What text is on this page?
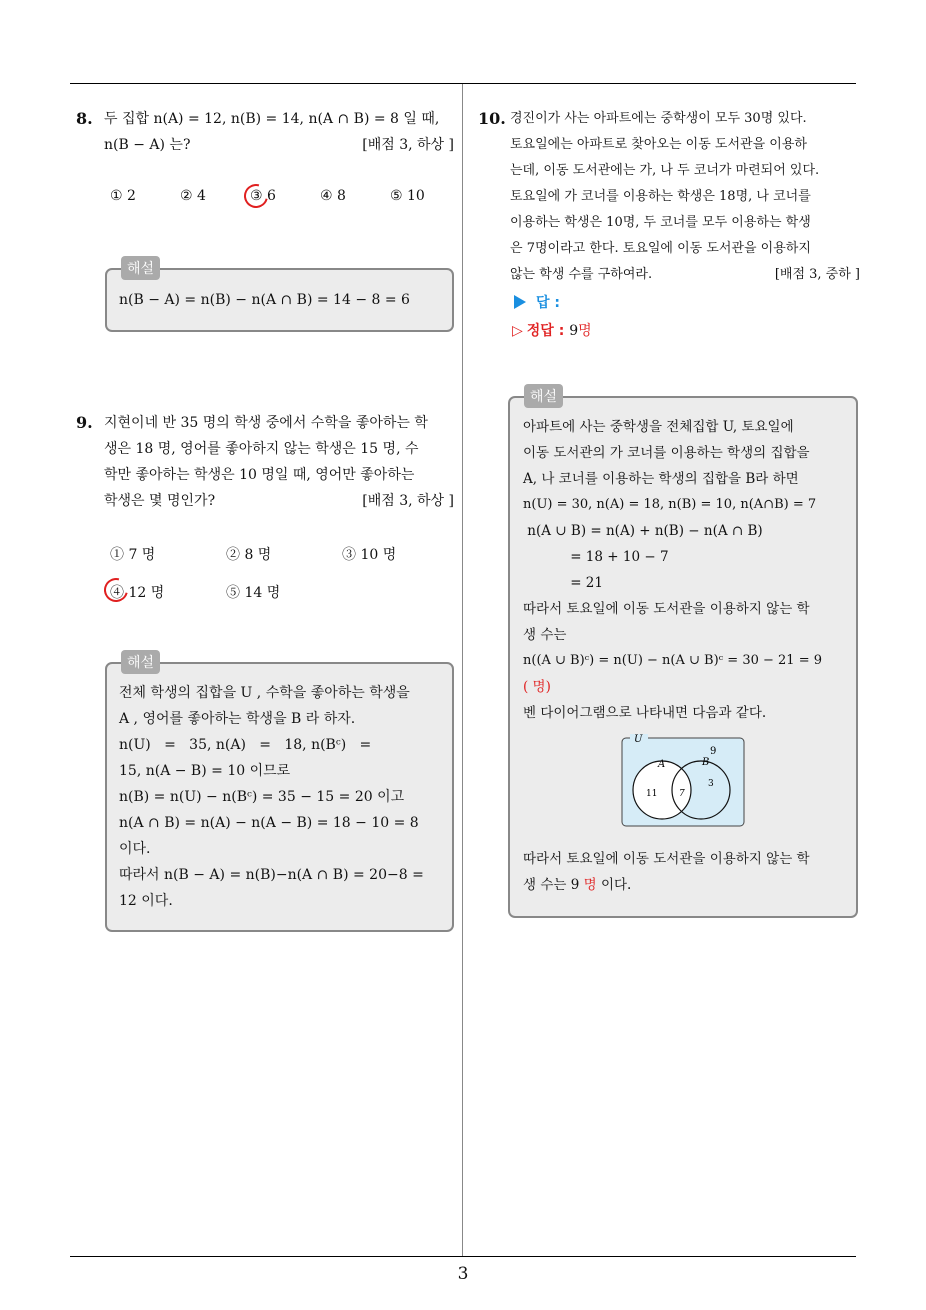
3
8. 두 집합 n(A) = 12, n(B) = 14, n(A ∩ B) = 8 일 때,
n(B − A) 는?	[배점 3, 하상 ]
① 2	② 4	③ 6	④ 8	⑤ 10
해설
n(B − A) = n(B) − n(A ∩ B) = 14 − 8 = 6
9. 지현이네 반 35 명의 학생 중에서 수학을 좋아하는 학
생은 18 명, 영어를 좋아하지 않는 학생은 15 명, 수
학만 좋아하는 학생은 10 명일 때, 영어만 좋아하는
학생은 몇 명인가?	[배점 3, 하상 ]
① 7 명	② 8 명	③ 10 명
④ 12 명	⑤ 14 명
해설
전체 학생의 집합을 U , 수학을 좋아하는 학생을
A , 영어를 좋아하는 학생을 B 라 하자.
n(U)   =   35, n(A)   =   18, n(Bᶜ)   =
15, n(A − B) = 10 이므로
n(B) = n(U) − n(Bᶜ) = 35 − 15 = 20 이고
n(A ∩ B) = n(A) − n(A − B) = 18 − 10 = 8
이다.
따라서 n(B − A) = n(B)−n(A ∩ B) = 20−8 =
12 이다.
10. 경진이가 사는 아파트에는 중학생이 모두 30명 있다.
토요일에는 아파트로 찾아오는 이동 도서관을 이용하
는데, 이동 도서관에는 가, 나 두 코너가 마련되어 있다.
토요일에 가 코너를 이용하는 학생은 18명, 나 코너를
이용하는 학생은 10명, 두 코너를 모두 이용하는 학생
은 7명이라고 한다. 토요일에 이동 도서관을 이용하지
않는 학생 수를 구하여라.	[배점 3, 중하 ]
답 :
▷ 정답 : 9명
해설
아파트에 사는 중학생을 전체집합 U, 토요일에
이동 도서관의 가 코너를 이용하는 학생의 집합을
A, 나 코너를 이용하는 학생의 집합을 B라 하면
n(U) = 30, n(A) = 18, n(B) = 10, n(A∩B) = 7
n(A ∪ B) = n(A) + n(B) − n(A ∩ B)
= 18 + 10 − 7
= 21
따라서 토요일에 이동 도서관을 이용하지 않는 학
생 수는
n((A ∪ B)ᶜ) = n(U) − n(A ∪ B)ᶜ = 30 − 21 = 9
( 명)
벤 다이어그램으로 나타내면 다음과 같다.
U
9
A	B
11 7
3
따라서 토요일에 이동 도서관을 이용하지 않는 학
생 수는 9 명 이다.
